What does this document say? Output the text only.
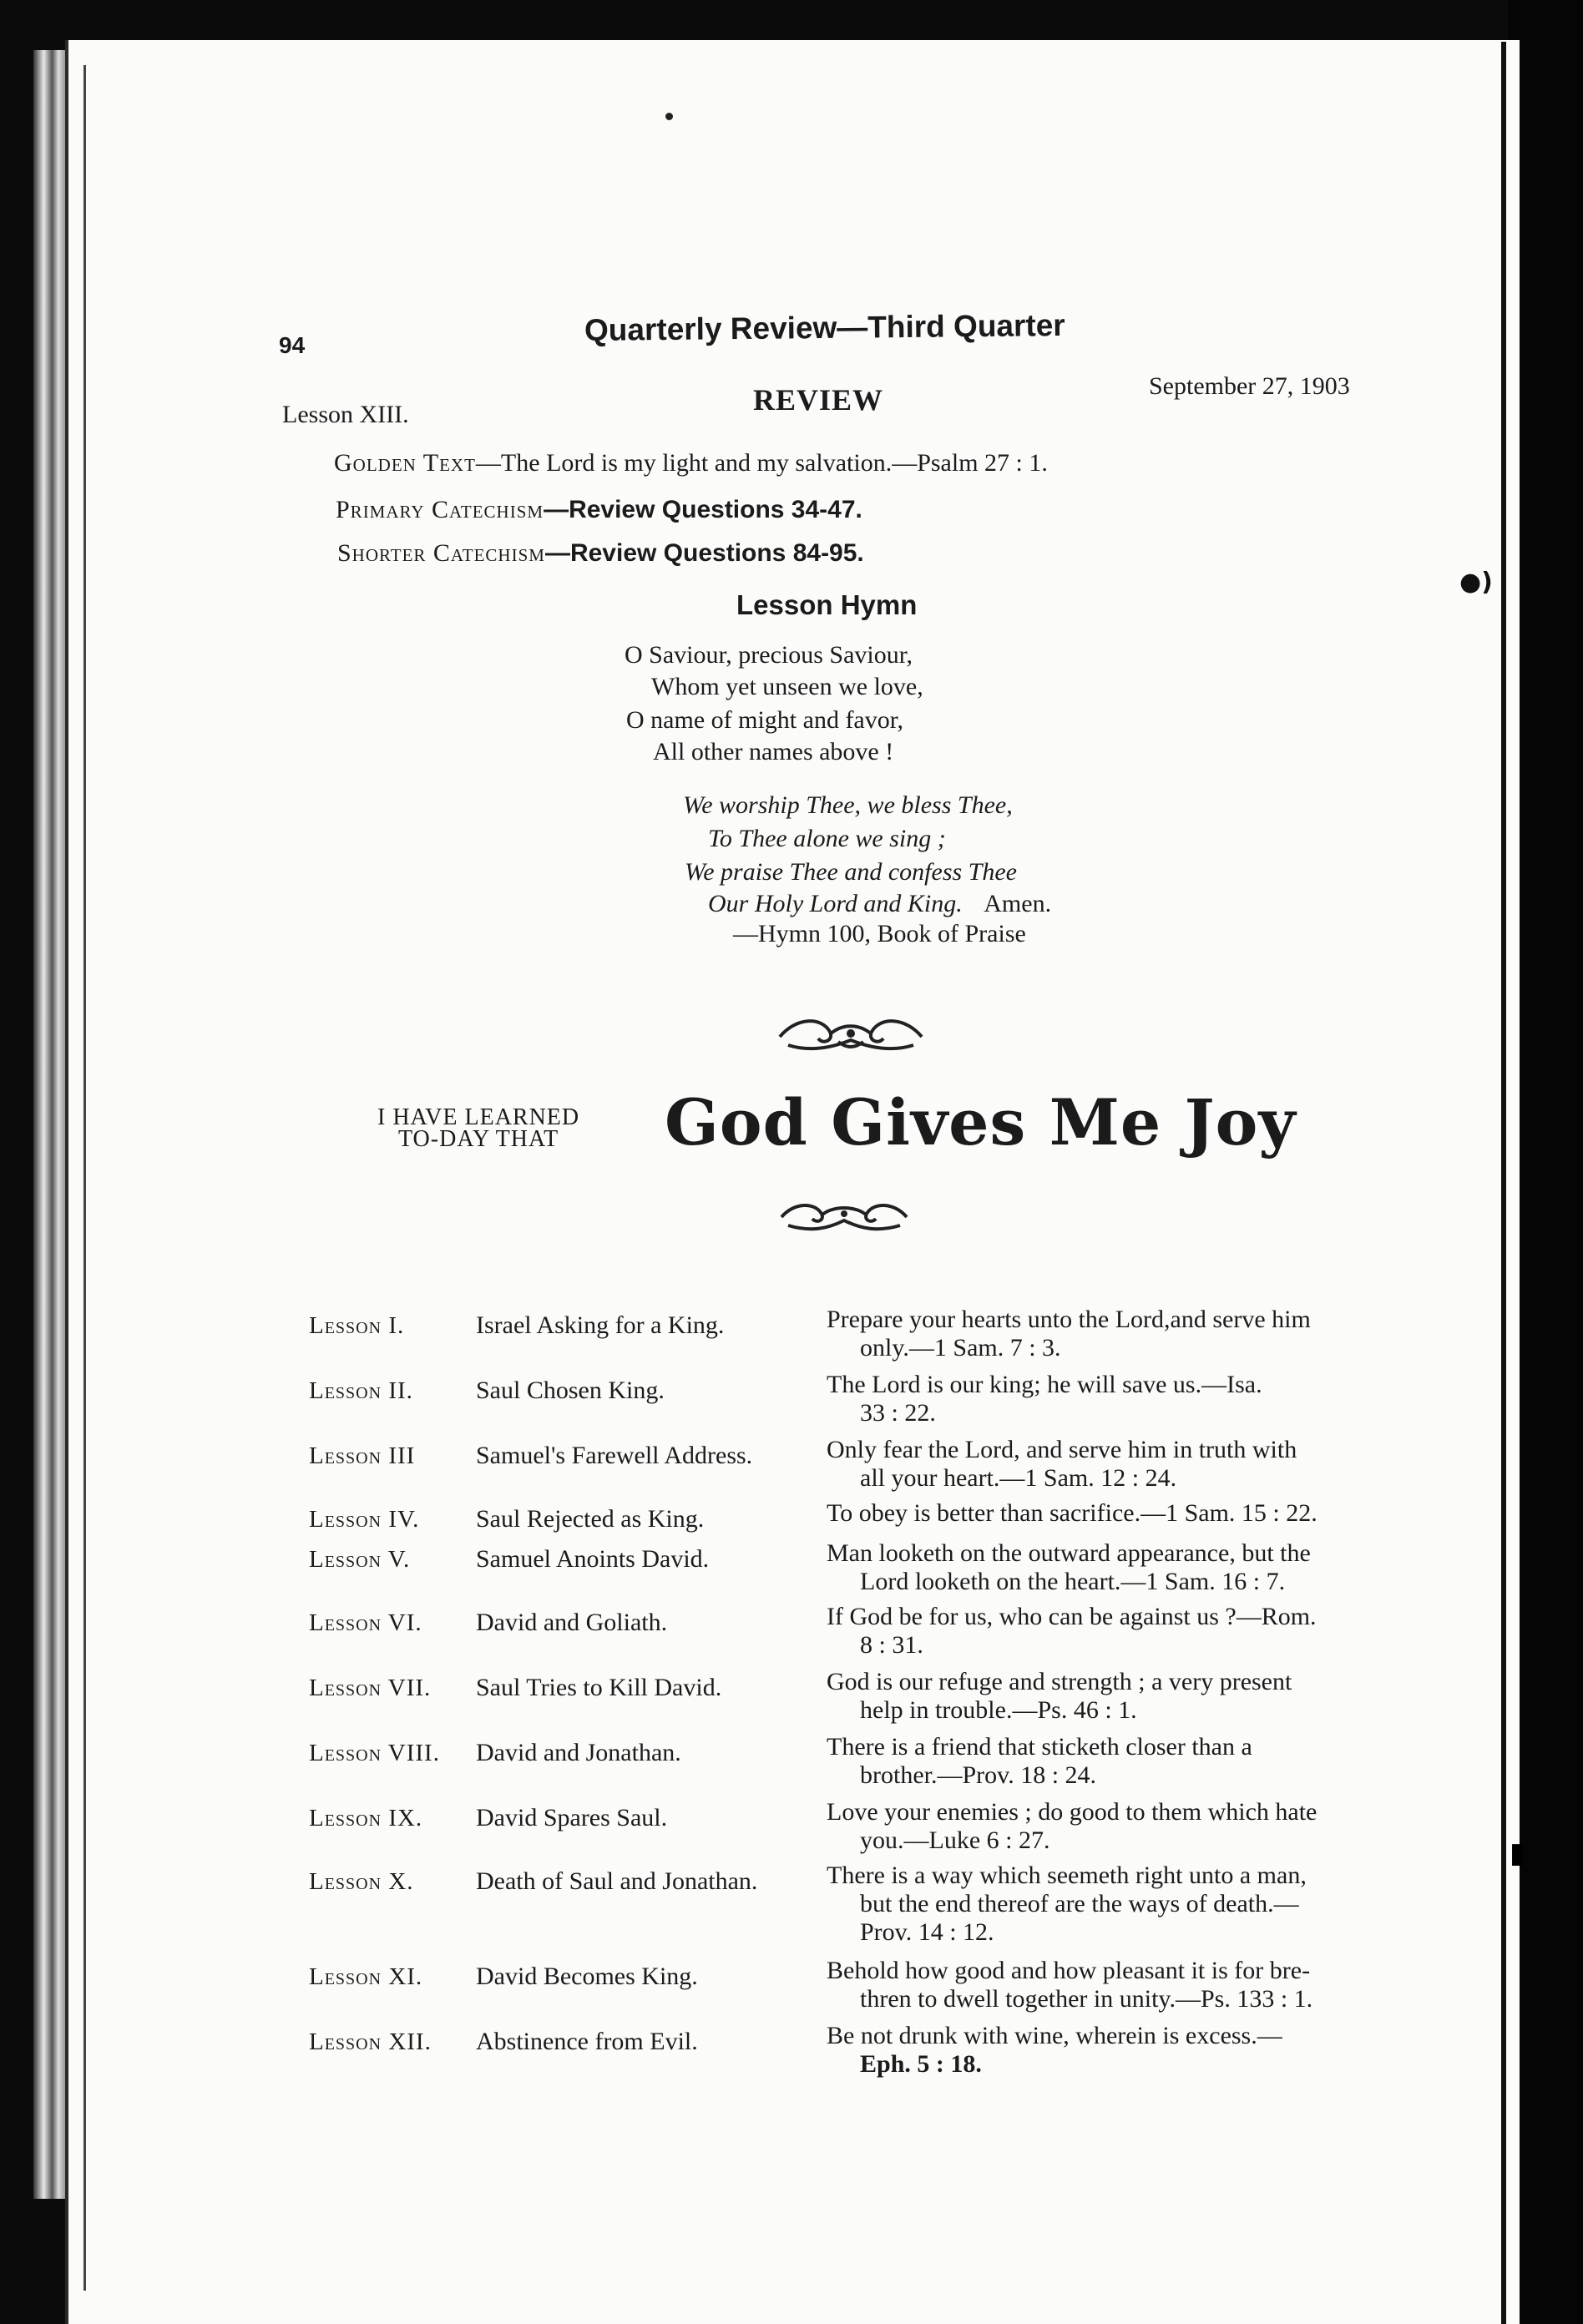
●)
▮
94	Quarterly Review—Third Quarter
Lesson XIII.	REVIEW	September 27, 1903
Golden Text—The Lord is my light and my salvation.—Psalm 27 : 1.
Primary Catechism—Review Questions 34-47.
Shorter Catechism—Review Questions 84-95.
Lesson Hymn
O Saviour, precious Saviour,
Whom yet unseen we love,
O name of might and favor,
All other names above !
We worship Thee, we bless Thee,
To Thee alone we sing ;
We praise Thee and confess Thee
Our Holy Lord and King. Amen.
—Hymn 100, Book of Praise
I HAVE LEARNED
TO-DAY THAT	God Gives Me Joy
Lesson I.	Israel Asking for a King.	Prepare your hearts unto the Lord,and serve him
only.—1 Sam. 7 : 3.
Lesson II.	Saul Chosen King.	The Lord is our king; he will save us.—Isa.
33 : 22.
Lesson III Samuel's Farewell Address.	Only fear the Lord, and serve him in truth with
all your heart.—1 Sam. 12 : 24.
Lesson IV. Saul Rejected as King.	To obey is better than sacrifice.—1 Sam. 15 : 22.
Lesson V.	Samuel Anoints David.	Man looketh on the outward appearance, but the
Lord looketh on the heart.—1 Sam. 16 : 7.
Lesson VI. David and Goliath.	If God be for us, who can be against us ?—Rom.
8 : 31.
Lesson VII. Saul Tries to Kill David.	God is our refuge and strength ; a very present
help in trouble.—Ps. 46 : 1.
Lesson VIII. David and Jonathan.	There is a friend that sticketh closer than a
brother.—Prov. 18 : 24.
Lesson IX. David Spares Saul.	Love your enemies ; do good to them which hate
you.—Luke 6 : 27.
Lesson X. Death of Saul and Jonathan.	There is a way which seemeth right unto a man,
but the end thereof are the ways of death.—
Prov. 14 : 12.
Lesson XI. David Becomes King.	Behold how good and how pleasant it is for bre-
thren to dwell together in unity.—Ps. 133 : 1.
Lesson XII. Abstinence from Evil.	Be not drunk with wine, wherein is excess.—
Eph. 5 : 18.
